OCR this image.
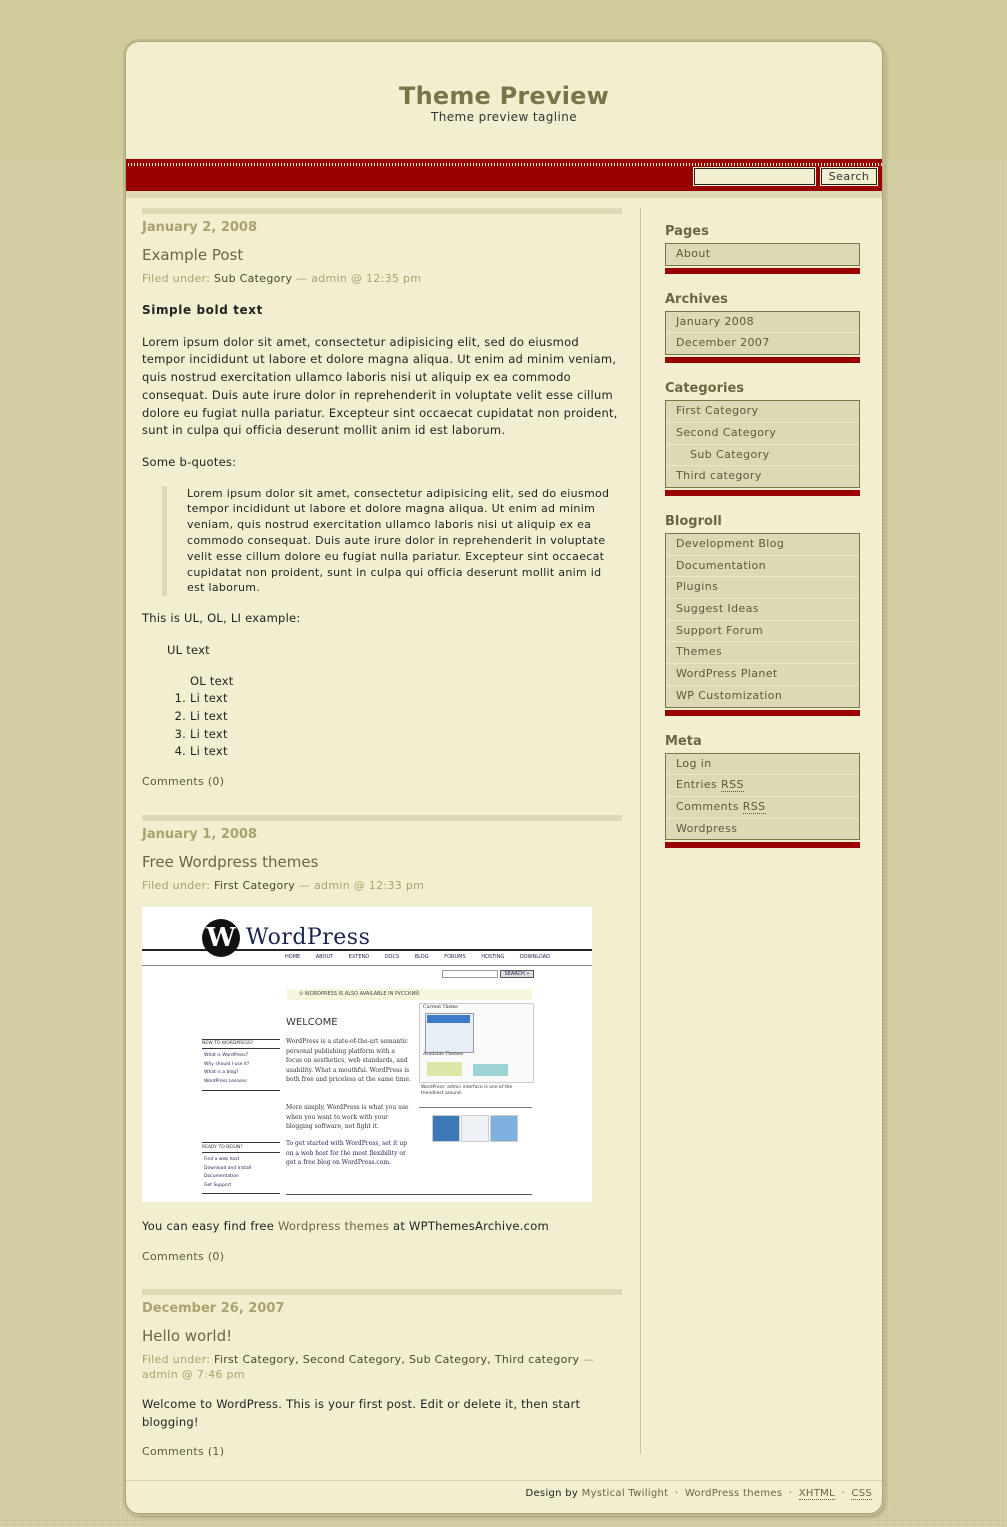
Theme Preview
Theme preview tagline
Search
January 2, 2008
Example Post
Filed under: Sub Category — admin @ 12:35 pm

Simple bold text

Lorem ipsum dolor sit amet, consectetur adipisicing elit, sed do eiusmod tempor incididunt ut labore et dolore magna aliqua. Ut enim ad minim veniam, quis nostrud exercitation ullamco laboris nisi ut aliquip ex ea commodo consequat. Duis aute irure dolor in reprehenderit in voluptate velit esse cillum dolore eu fugiat nulla pariatur. Excepteur sint occaecat cupidatat non proident, sunt in culpa qui officia deserunt mollit anim id est laborum.

Some b-quotes:

Lorem ipsum dolor sit amet, consectetur adipisicing elit, sed do eiusmod tempor incididunt ut labore et dolore magna aliqua. Ut enim ad minim veniam, quis nostrud exercitation ullamco laboris nisi ut aliquip ex ea commodo consequat. Duis aute irure dolor in reprehenderit in voluptate velit esse cillum dolore eu fugiat nulla pariatur. Excepteur sint occaecat cupidatat non proident, sunt in culpa qui officia deserunt mollit anim id est laborum.

This is UL, OL, LI example:

UL text
OL text
1. Li text
2. Li text
3. Li text
4. Li text
Comments (0)
January 1, 2008
Free Wordpress themes
Filed under: First Category — admin @ 12:33 pm
W WordPress
HOME	ABOUT	EXTEND	DOCS	BLOG	FORUMS	HOSTING	DOWNLOAD
SEARCH »
⊙ WORDPRESS IS ALSO AVAILABLE IN РУССКИЙ.
WELCOME
WordPress is a state-of-the-art semantic personal publishing platform with a focus on aesthetics, web standards, and usability. What a mouthful. WordPress is both free and priceless at the same time.
More simply, WordPress is what you use when you want to work with your blogging software, not fight it.
To get started with WordPress, set it up on a web host for the most flexibility or get a free blog on WordPress.com.
NEW TO WORDPRESS?
What is WordPress?
Why should I use it?
What is a blog?
WordPress Lessons
READY TO BEGIN?
Find a web host
Download and Install
Documentation
Get Support
Current Theme
Available Themes
WordPress' admin interface is one of the friendliest around.
You can easy find free Wordpress themes at WPThemesArchive.com
Comments (0)
December 26, 2007
Hello world!
Filed under: First Category, Second Category, Sub Category, Third category — admin @ 7:46 pm

Welcome to WordPress. This is your first post. Edit or delete it, then start blogging!

Comments (1)
Pages
About
Archives
January 2008
December 2007
Categories
First Category
Second Category
Sub Category
Third category
Blogroll
Development Blog
Documentation
Plugins
Suggest Ideas
Support Forum
Themes
WordPress Planet
WP Customization
Meta
Log in
Entries RSS
Comments RSS
Wordpress
Design by Mystical Twilight · WordPress themes · XHTML · CSS
